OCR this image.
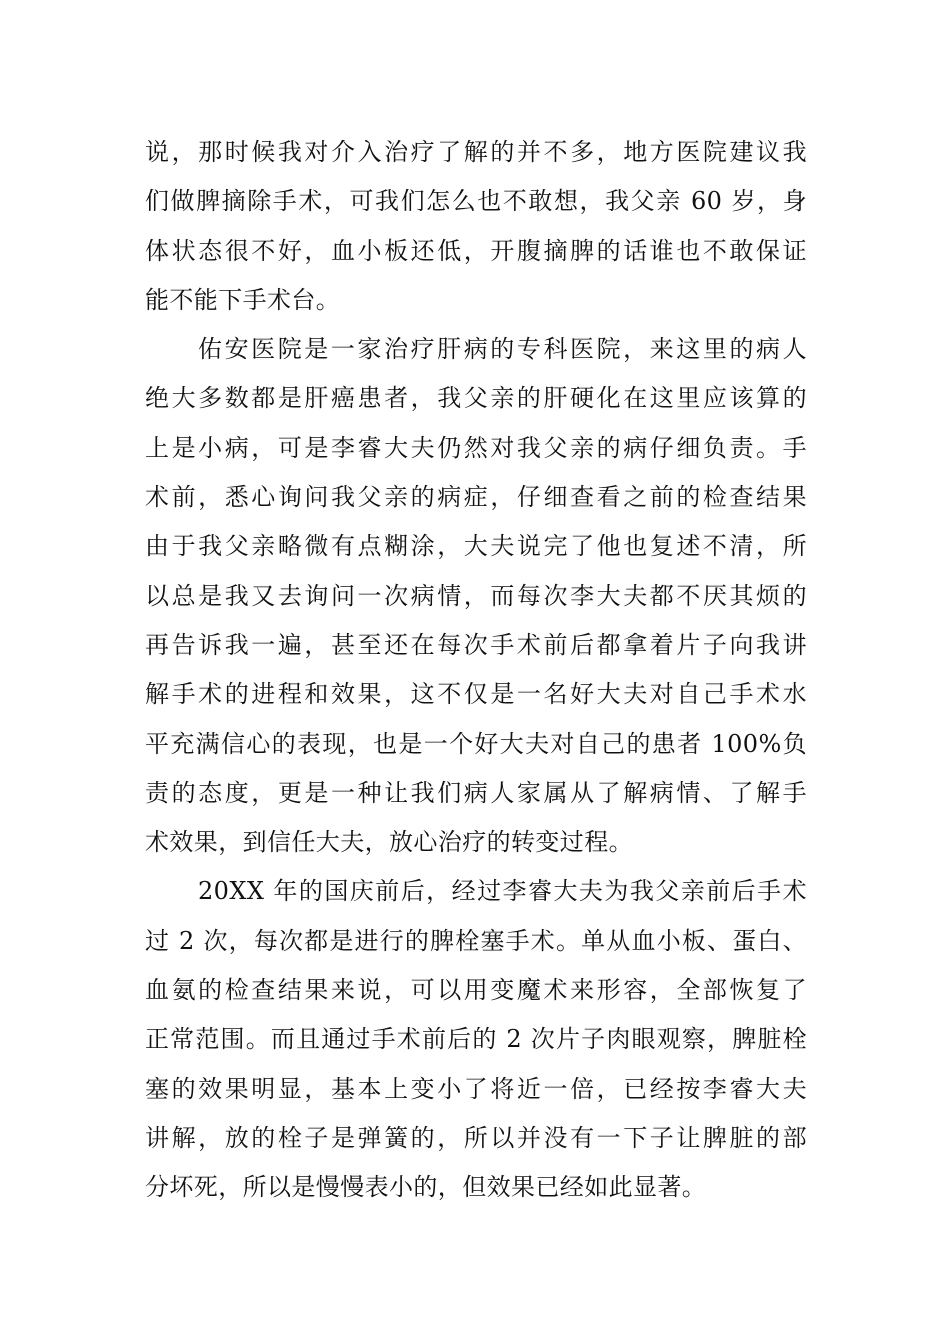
说，那时候我对介入治疗了解的并不多，地方医院建议我
们做脾摘除手术，可我们怎么也不敢想，我父亲 60 岁，身
体状态很不好，血小板还低，开腹摘脾的话谁也不敢保证
能不能下手术台。

佑安医院是一家治疗肝病的专科医院，来这里的病人
绝大多数都是肝癌患者，我父亲的肝硬化在这里应该算的
上是小病，可是李睿大夫仍然对我父亲的病仔细负责。手
术前，悉心询问我父亲的病症，仔细查看之前的检查结果
由于我父亲略微有点糊涂，大夫说完了他也复述不清，所
以总是我又去询问一次病情，而每次李大夫都不厌其烦的
再告诉我一遍，甚至还在每次手术前后都拿着片子向我讲
解手术的进程和效果，这不仅是一名好大夫对自己手术水
平充满信心的表现，也是一个好大夫对自己的患者 100%负
责的态度，更是一种让我们病人家属从了解病情、了解手
术效果，到信任大夫，放心治疗的转变过程。

20XX 年的国庆前后，经过李睿大夫为我父亲前后手术
过 2 次，每次都是进行的脾栓塞手术。单从血小板、蛋白、
血氨的检查结果来说，可以用变魔术来形容，全部恢复了
正常范围。而且通过手术前后的 2 次片子肉眼观察，脾脏栓
塞的效果明显，基本上变小了将近一倍，已经按李睿大夫
讲解，放的栓子是弹簧的，所以并没有一下子让脾脏的部
分坏死，所以是慢慢表小的，但效果已经如此显著。
